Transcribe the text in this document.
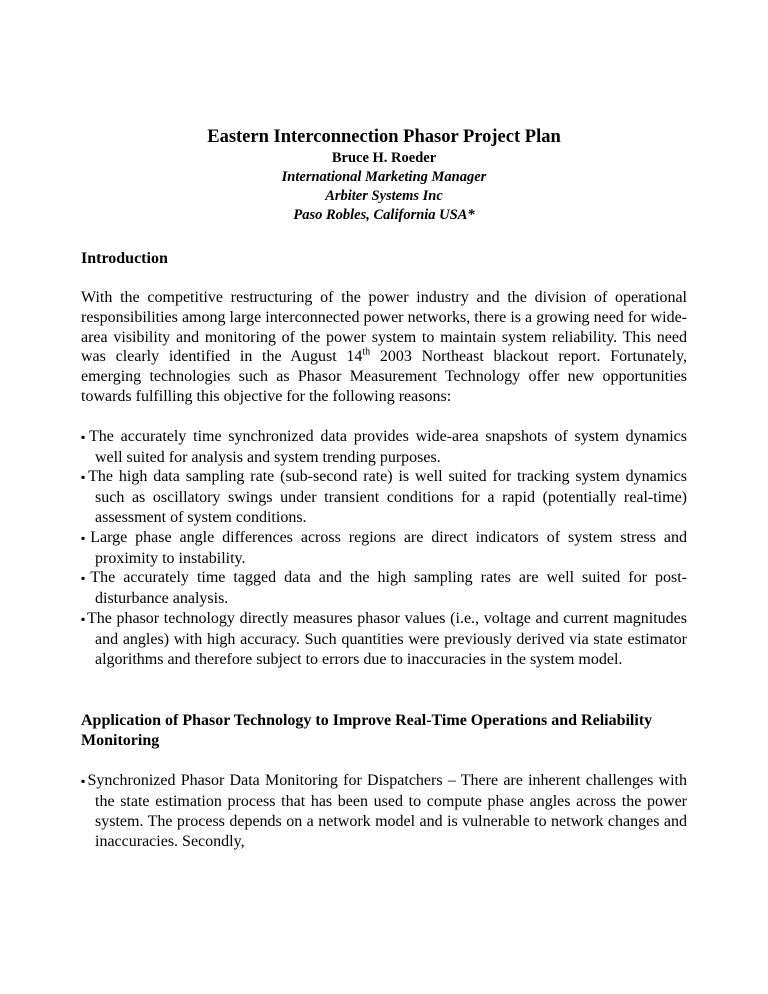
Eastern Interconnection Phasor Project Plan
Bruce H. Roeder
International Marketing Manager
Arbiter Systems Inc
Paso Robles, California USA*
Introduction

With the competitive restructuring of the power industry and the division of operational responsibilities among large interconnected power networks, there is a growing need for wide-area visibility and monitoring of the power system to maintain system reliability. This need was clearly identified in the August 14th 2003 Northeast blackout report. Fortunately, emerging technologies such as Phasor Measurement Technology offer new opportunities towards fulfilling this objective for the following reasons:

▪The accurately time synchronized data provides wide-area snapshots of system dynamics well suited for analysis and system trending purposes.
▪The high data sampling rate (sub-second rate) is well suited for tracking system dynamics such as oscillatory swings under transient conditions for a rapid (potentially real-time) assessment of system conditions.
▪Large phase angle differences across regions are direct indicators of system stress and proximity to instability.
▪The accurately time tagged data and the high sampling rates are well suited for post-disturbance analysis.
▪The phasor technology directly measures phasor values (i.e., voltage and current magnitudes and angles) with high accuracy. Such quantities were previously derived via state estimator algorithms and therefore subject to errors due to inaccuracies in the system model.
Application of Phasor Technology to Improve Real-Time Operations and Reliability Monitoring
▪Synchronized Phasor Data Monitoring for Dispatchers – There are inherent challenges with the state estimation process that has been used to compute phase angles across the power system. The process depends on a network model and is vulnerable to network changes and inaccuracies. Secondly,
